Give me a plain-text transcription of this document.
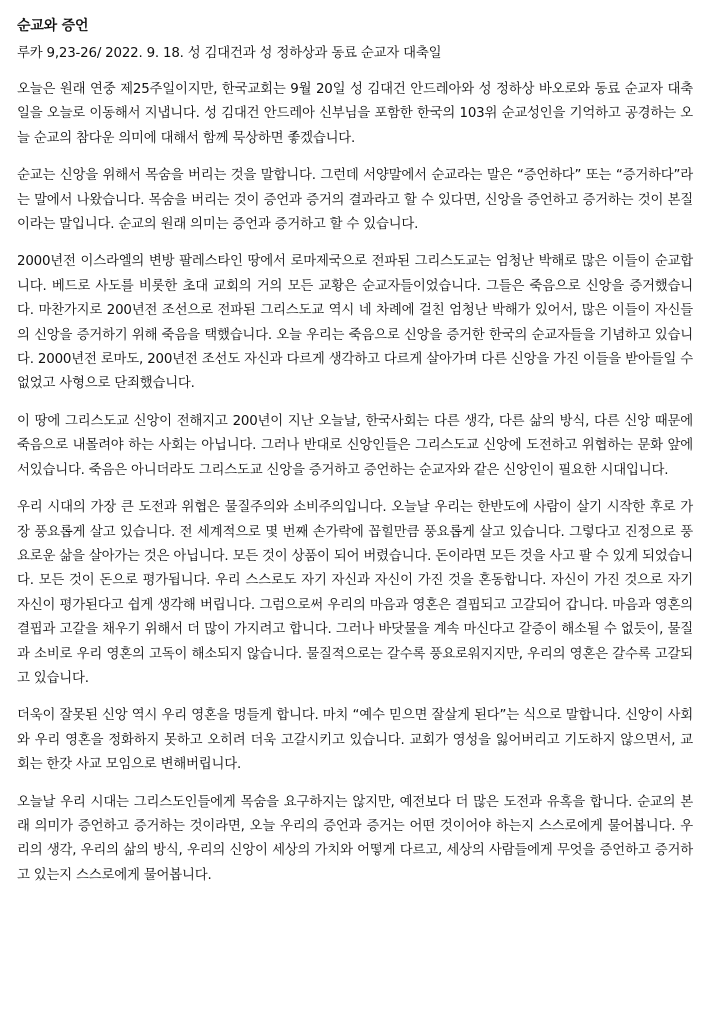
순교와 증언
루카 9,23-26/ 2022. 9. 18. 성 김대건과 성 정하상과 동료 순교자 대축일

오늘은 원래 연중 제25주일이지만, 한국교회는 9월 20일 성 김대건 안드레아와 성 정하상 바오로와 동료 순교자 대축일을 오늘로 이동해서 지냅니다. 성 김대건 안드레아 신부님을 포함한 한국의 103위 순교성인을 기억하고 공경하는 오늘 순교의 참다운 의미에 대해서 함께 묵상하면 좋겠습니다.

순교는 신앙을 위해서 목숨을 버리는 것을 말합니다. 그런데 서양말에서 순교라는 말은 “증언하다” 또는 “증거하다”라는 말에서 나왔습니다. 목숨을 버리는 것이 증언과 증거의 결과라고 할 수 있다면, 신앙을 증언하고 증거하는 것이 본질이라는 말입니다. 순교의 원래 의미는 증언과 증거하고 할 수 있습니다.

2000년전 이스라엘의 변방 팔레스타인 땅에서 로마제국으로 전파된 그리스도교는 엄청난 박해로 많은 이들이 순교합니다. 베드로 사도를 비롯한 초대 교회의 거의 모든 교황은 순교자들이었습니다. 그들은 죽음으로 신앙을 증거했습니다. 마찬가지로 200년전 조선으로 전파된 그리스도교 역시 네 차례에 걸친 엄청난 박해가 있어서, 많은 이들이 자신들의 신앙을 증거하기 위해 죽음을 택했습니다. 오늘 우리는 죽음으로 신앙을 증거한 한국의 순교자들을 기념하고 있습니다. 2000년전 로마도, 200년전 조선도 자신과 다르게 생각하고 다르게 살아가며 다른 신앙을 가진 이들을 받아들일 수 없었고 사형으로 단죄했습니다.

이 땅에 그리스도교 신앙이 전해지고 200년이 지난 오늘날, 한국사회는 다른 생각, 다른 삶의 방식, 다른 신앙 때문에 죽음으로 내몰려야 하는 사회는 아닙니다. 그러나 반대로 신앙인들은 그리스도교 신앙에 도전하고 위협하는 문화 앞에 서있습니다. 죽음은 아니더라도 그리스도교 신앙을 증거하고 증언하는 순교자와 같은 신앙인이 필요한 시대입니다.

우리 시대의 가장 큰 도전과 위협은 물질주의와 소비주의입니다. 오늘날 우리는 한반도에 사람이 살기 시작한 후로 가장 풍요롭게 살고 있습니다. 전 세계적으로 몇 번째 손가락에 꼽힐만큼 풍요롭게 살고 있습니다. 그렇다고 진정으로 풍요로운 삶을 살아가는 것은 아닙니다. 모든 것이 상품이 되어 버렸습니다. 돈이라면 모든 것을 사고 팔 수 있게 되었습니다. 모든 것이 돈으로 평가됩니다. 우리 스스로도 자기 자신과 자신이 가진 것을 혼동합니다. 자신이 가진 것으로 자기 자신이 평가된다고 쉽게 생각해 버립니다. 그럼으로써 우리의 마음과 영혼은 결핍되고 고갈되어 갑니다. 마음과 영혼의 결핍과 고갈을 채우기 위해서 더 많이 가지려고 합니다. 그러나 바닷물을 계속 마신다고 갈증이 해소될 수 없듯이, 물질과 소비로 우리 영혼의 고독이 해소되지 않습니다. 물질적으로는 갈수록 풍요로워지지만, 우리의 영혼은 갈수록 고갈되고 있습니다.

더욱이 잘못된 신앙 역시 우리 영혼을 멍들게 합니다. 마치 “예수 믿으면 잘살게 된다”는 식으로 말합니다. 신앙이 사회와 우리 영혼을 정화하지 못하고 오히려 더욱 고갈시키고 있습니다. 교회가 영성을 잃어버리고 기도하지 않으면서, 교회는 한갓 사교 모임으로 변해버립니다.

오늘날 우리 시대는 그리스도인들에게 목숨을 요구하지는 않지만, 예전보다 더 많은 도전과 유혹을 합니다. 순교의 본래 의미가 증언하고 증거하는 것이라면, 오늘 우리의 증언과 증거는 어떤 것이어야 하는지 스스로에게 물어봅니다. 우리의 생각, 우리의 삶의 방식, 우리의 신앙이 세상의 가치와 어떻게 다르고, 세상의 사람들에게 무엇을 증언하고 증거하고 있는지 스스로에게 물어봅니다.
